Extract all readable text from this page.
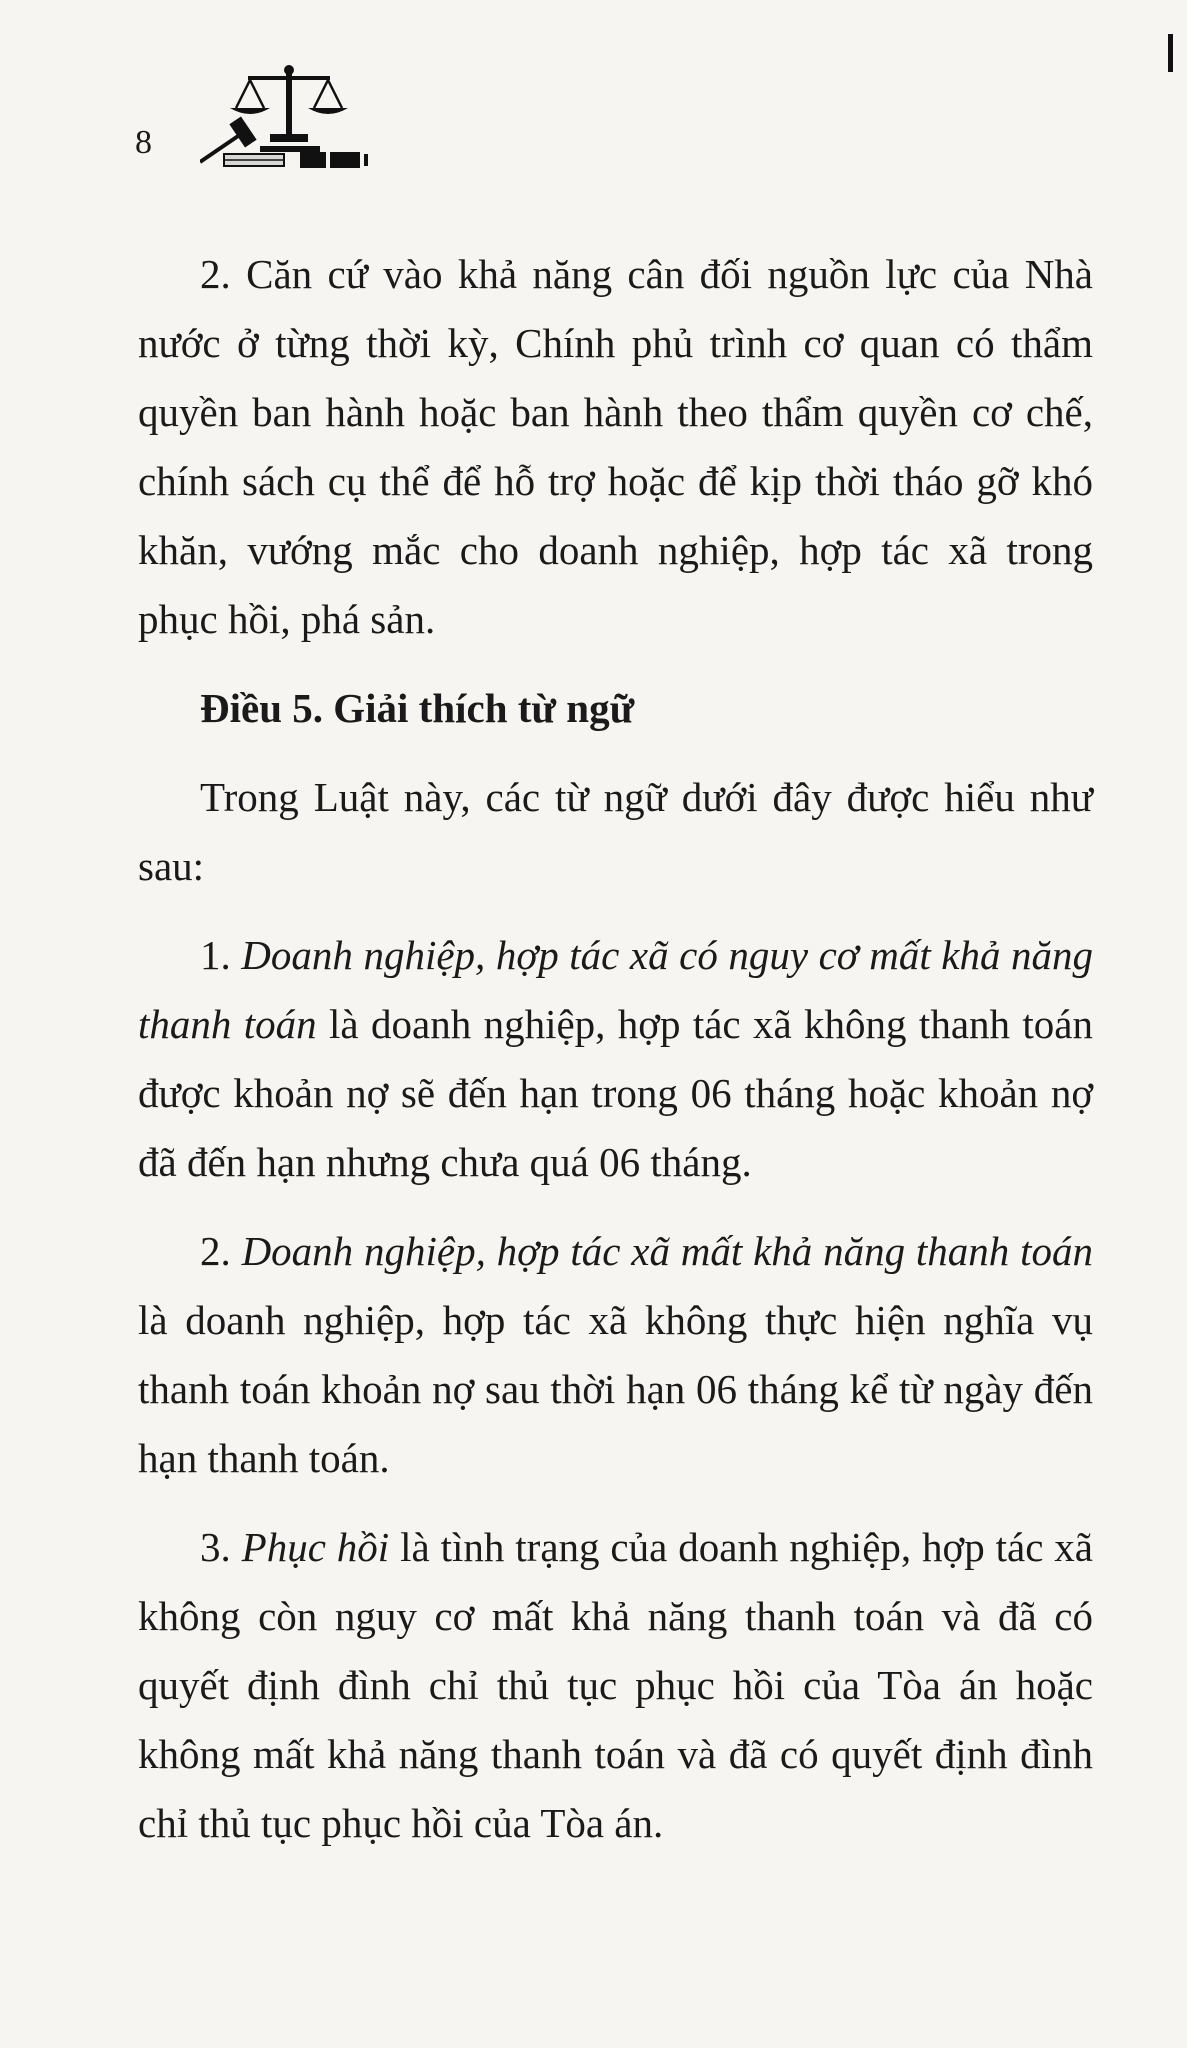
8

2. Căn cứ vào khả năng cân đối nguồn lực của Nhà nước ở từng thời kỳ, Chính phủ trình cơ quan có thẩm quyền ban hành hoặc ban hành theo thẩm quyền cơ chế, chính sách cụ thể để hỗ trợ hoặc để kịp thời tháo gỡ khó khăn, vướng mắc cho doanh nghiệp, hợp tác xã trong phục hồi, phá sản.

Điều 5. Giải thích từ ngữ

Trong Luật này, các từ ngữ dưới đây được hiểu như sau:

1. Doanh nghiệp, hợp tác xã có nguy cơ mất khả năng thanh toán là doanh nghiệp, hợp tác xã không thanh toán được khoản nợ sẽ đến hạn trong 06 tháng hoặc khoản nợ đã đến hạn nhưng chưa quá 06 tháng.

2. Doanh nghiệp, hợp tác xã mất khả năng thanh toán là doanh nghiệp, hợp tác xã không thực hiện nghĩa vụ thanh toán khoản nợ sau thời hạn 06 tháng kể từ ngày đến hạn thanh toán.

3. Phục hồi là tình trạng của doanh nghiệp, hợp tác xã không còn nguy cơ mất khả năng thanh toán và đã có quyết định đình chỉ thủ tục phục hồi của Tòa án hoặc không mất khả năng thanh toán và đã có quyết định đình chỉ thủ tục phục hồi của Tòa án.
